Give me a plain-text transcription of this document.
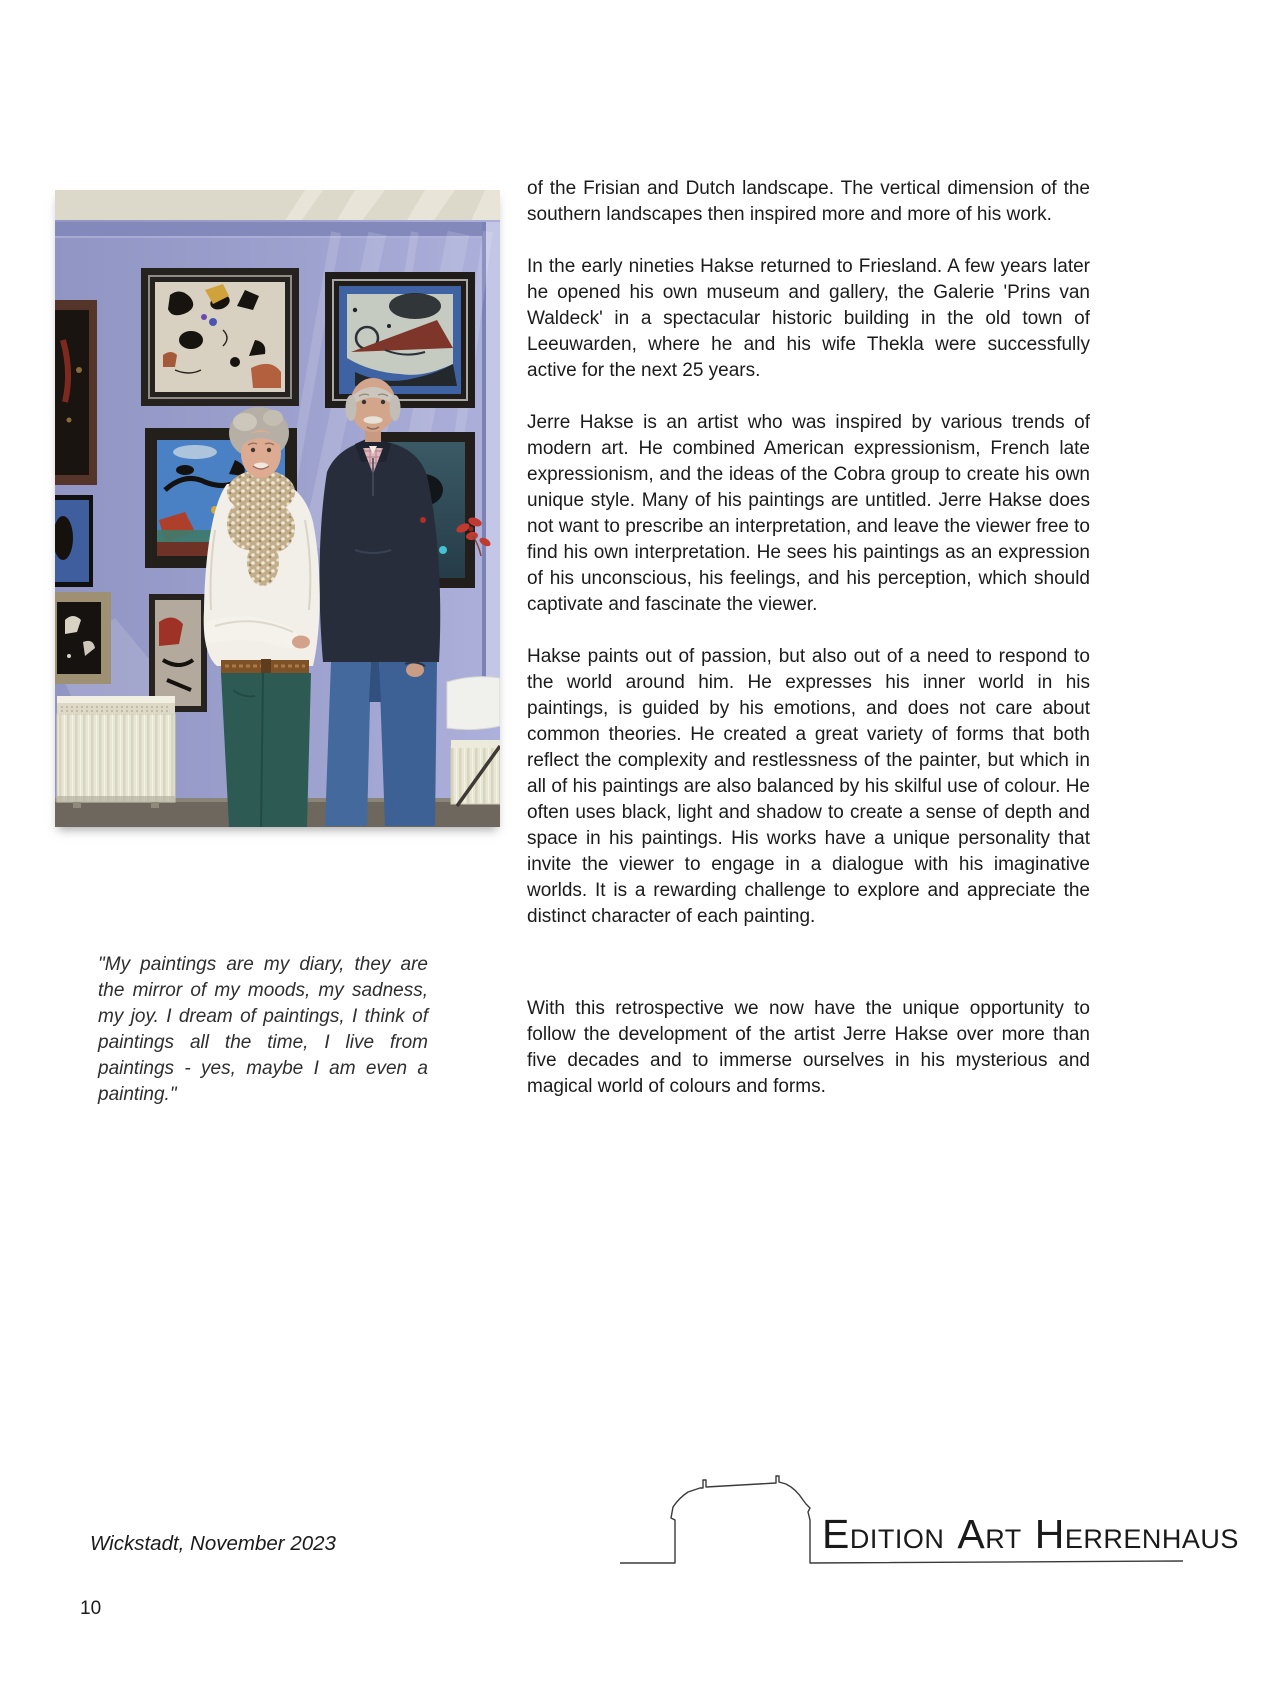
of the Frisian and Dutch landscape. The vertical dimension of the southern landscapes then inspired more and more of his work.

In the early nineties Hakse returned to Friesland. A few years later he opened his own museum and gallery, the Galerie 'Prins van Waldeck' in a spectacular historic building in the old town of Leeuwarden, where he and his wife Thekla were successfully active for the next 25 years.

Jerre Hakse is an artist who was inspired by various trends of modern art. He combined American expressionism, French late expressionism, and the ideas of the Cobra group to create his own unique style. Many of his paintings are untitled. Jerre Hakse does not want to prescribe an interpretation, and leave the viewer free to find his own interpretation. He sees his paintings as an expression of his unconscious, his feelings, and his perception, which should captivate and fascinate the viewer.

Hakse paints out of passion, but also out of a need to respond to the world around him. He expresses his inner world in his paintings, is guided by his emotions, and does not care about common theories. He created a great variety of forms that both reflect the complexity and restlessness of the painter, but which in all of his paintings are also balanced by his skilful use of colour. He often uses black, light and shadow to create a sense of depth and space in his paintings. His works have a unique personality that invite the viewer to engage in a dialogue with his imaginative worlds. It is a rewarding challenge to explore and appreciate the distinct character of each painting.

With this retrospective we now have the unique opportunity to follow the development of the artist Jerre Hakse over more than five decades and to immerse ourselves in his mysterious and magical world of colours and forms.

"My paintings are my diary, they are the mirror of my moods, my sadness, my joy. I dream of paintings, I think of paintings all the time, I live from paintings - yes, maybe I am even a painting."
Wickstadt, November 2023
10
E DITION A RT H ERRENHAUS
